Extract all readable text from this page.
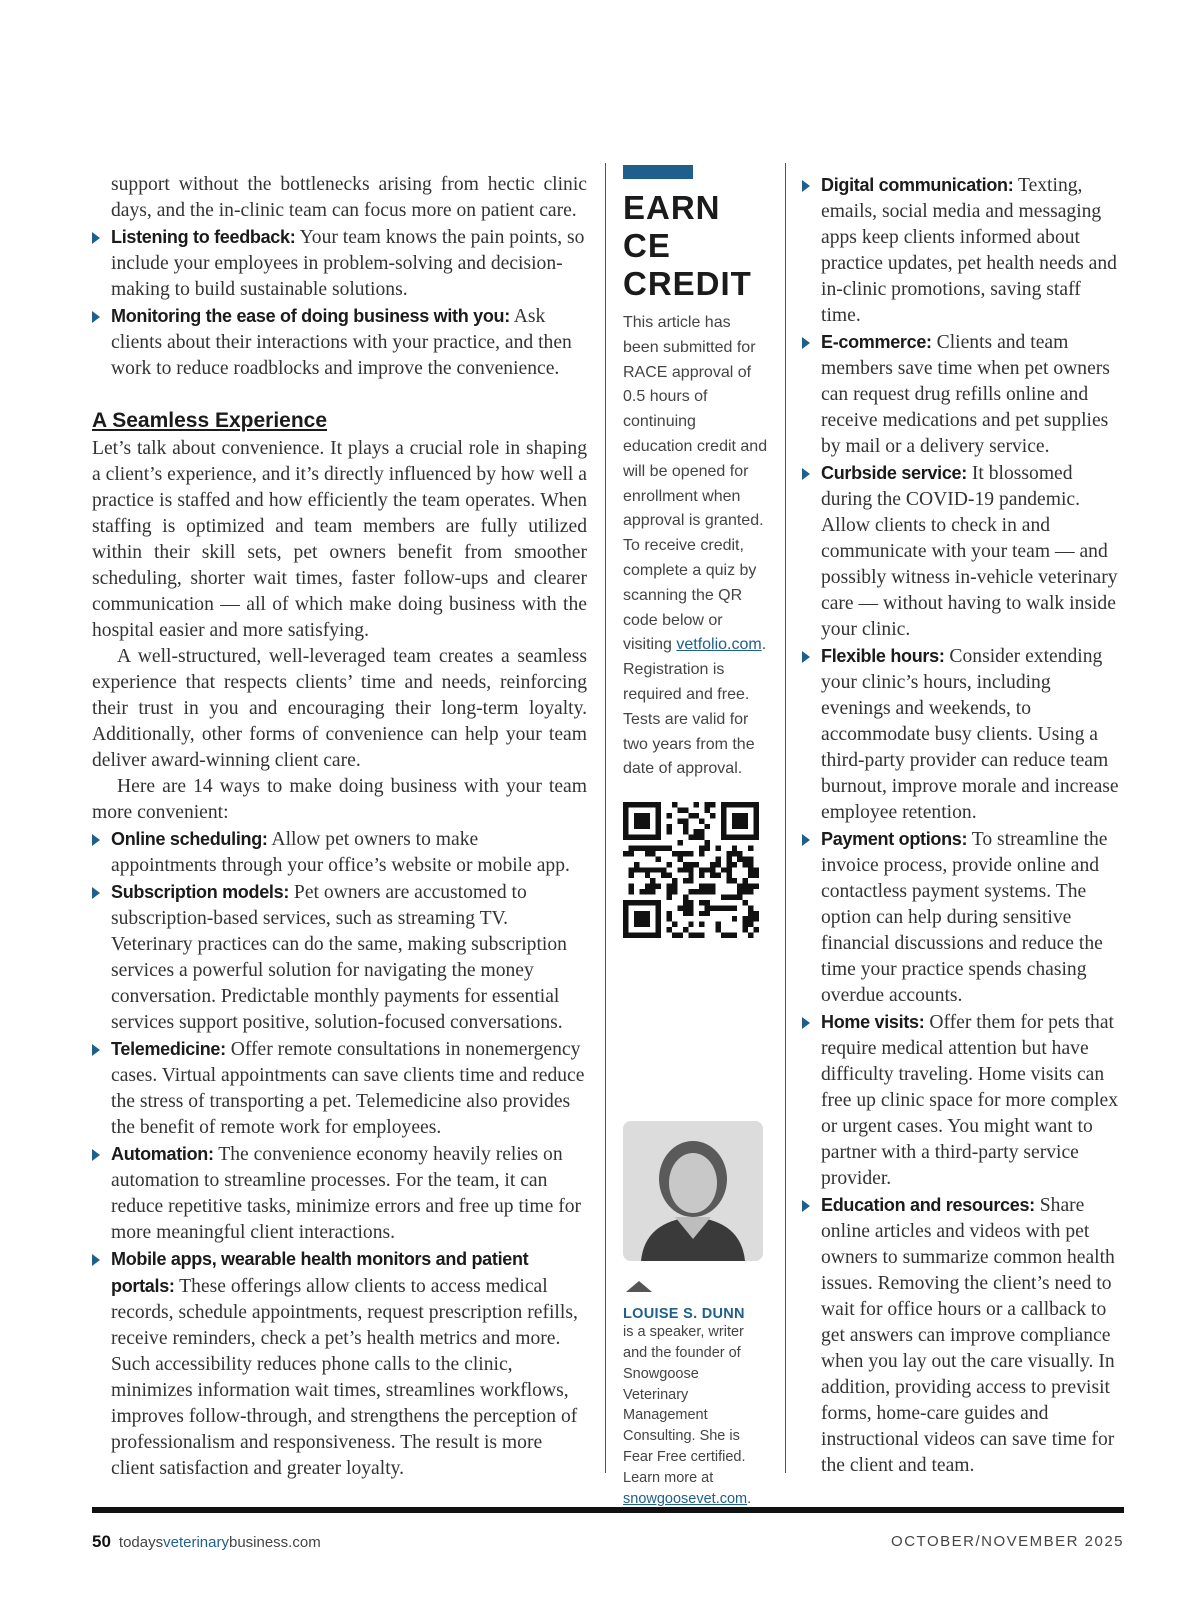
support without the bottlenecks arising from hectic clinic days, and the in-clinic team can focus more on patient care.

Listening to feedback: Your team knows the pain points, so include your employees in problem-solving and decision-making to build sustainable solutions.
Monitoring the ease of doing business with you: Ask clients about their interactions with your practice, and then work to reduce roadblocks and improve the convenience.
A Seamless Experience

Let’s talk about convenience. It plays a crucial role in shaping a client’s experience, and it’s directly influenced by how well a practice is staffed and how efficiently the team operates. When staffing is optimized and team members are fully utilized within their skill sets, pet owners benefit from smoother scheduling, shorter wait times, faster follow-ups and clearer communication — all of which make doing business with the hospital easier and more satisfying.

A well-structured, well-leveraged team creates a seamless experience that respects clients’ time and needs, reinforcing their trust in you and encouraging their long-term loyalty. Additionally, other forms of convenience can help your team deliver award-winning client care.

Here are 14 ways to make doing business with your team more convenient:

Online scheduling: Allow pet owners to make appointments through your office’s website or mobile app.
Subscription models: Pet owners are accustomed to subscription-based services, such as streaming TV. Veterinary practices can do the same, making subscription services a powerful solution for navigating the money conversation. Predictable monthly payments for essential services support positive, solution-focused conversations.
Telemedicine: Offer remote consultations in nonemergency cases. Virtual appointments can save clients time and reduce the stress of transporting a pet. Telemedicine also provides the benefit of remote work for employees.
Automation: The convenience economy heavily relies on automation to streamline processes. For the team, it can reduce repetitive tasks, minimize errors and free up time for more meaningful client interactions.
Mobile apps, wearable health monitors and patient portals: These offerings allow clients to access medical records, schedule appointments, request prescription refills, receive reminders, check a pet’s health metrics and more. Such accessibility reduces phone calls to the clinic, minimizes information wait times, streamlines workflows, improves follow-through, and strengthens the perception of professionalism and responsiveness. The result is more client satisfaction and greater loyalty.
EARN CE CREDIT

This article has been submitted for RACE approval of 0.5 hours of continuing education credit and will be opened for enrollment when approval is granted. To receive credit, complete a quiz by scanning the QR code below or visiting vetfolio.com. Registration is required and free. Tests are valid for two years from the date of approval.

LOUISE S. DUNN

is a speaker, writer and the founder of Snowgoose Veterinary Management Consulting. She is Fear Free certified. Learn more at snowgoosevet.com.

Digital communication: Texting, emails, social media and messaging apps keep clients informed about practice updates, pet health needs and in-clinic promotions, saving staff time.
E-commerce: Clients and team members save time when pet owners can request drug refills online and receive medications and pet supplies by mail or a delivery service.
Curbside service: It blossomed during the COVID-19 pandemic. Allow clients to check in and communicate with your team — and possibly witness in-vehicle veterinary care — without having to walk inside your clinic.
Flexible hours: Consider extending your clinic’s hours, including evenings and weekends, to accommodate busy clients. Using a third-party provider can reduce team burnout, improve morale and increase employee retention.
Payment options: To streamline the invoice process, provide online and contactless payment systems. The option can help during sensitive financial discussions and reduce the time your practice spends chasing overdue accounts.
Home visits: Offer them for pets that require medical attention but have difficulty traveling. Home visits can free up clinic space for more complex or urgent cases. You might want to partner with a third-party service provider.
Education and resources: Share online articles and videos with pet owners to summarize common health issues. Removing the client’s need to wait for office hours or a callback to get answers can improve compliance when you lay out the care visually. In addition, providing access to previsit forms, home-care guides and instructional videos can save time for the client and team.
50 todaysveterinarybusiness.com	OCTOBER/NOVEMBER 2025
